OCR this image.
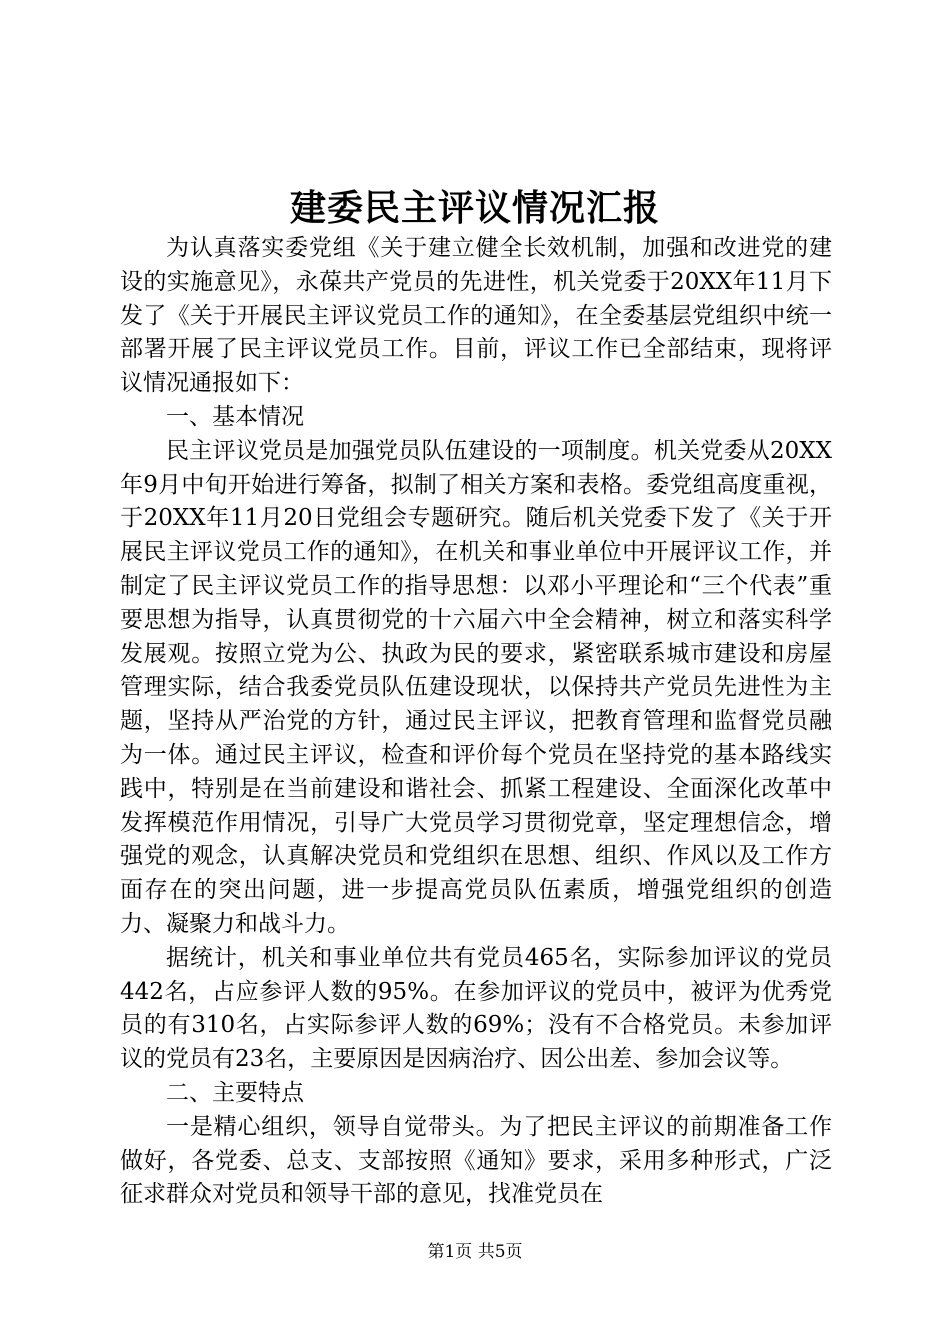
建委民主评议情况汇报

为认真落实委党组《关于建立健全长效机制，加强和改进党的建设的实施意见》，永葆共产党员的先进性，机关党委于20XX年11月下发了《关于开展民主评议党员工作的通知》，在全委基层党组织中统一部署开展了民主评议党员工作。目前，评议工作已全部结束，现将评议情况通报如下：

一、基本情况

民主评议党员是加强党员队伍建设的一项制度。机关党委从20XX年9月中旬开始进行筹备，拟制了相关方案和表格。委党组高度重视，于20XX年11月20日党组会专题研究。随后机关党委下发了《关于开展民主评议党员工作的通知》，在机关和事业单位中开展评议工作，并制定了民主评议党员工作的指导思想：以邓小平理论和“三个代表”重要思想为指导，认真贯彻党的十六届六中全会精神，树立和落实科学发展观。按照立党为公、执政为民的要求，紧密联系城市建设和房屋管理实际，结合我委党员队伍建设现状，以保持共产党员先进性为主题，坚持从严治党的方针，通过民主评议，把教育管理和监督党员融为一体。通过民主评议，检查和评价每个党员在坚持党的基本路线实践中，特别是在当前建设和谐社会、抓紧工程建设、全面深化改革中发挥模范作用情况，引导广大党员学习贯彻党章，坚定理想信念，增强党的观念，认真解决党员和党组织在思想、组织、作风以及工作方面存在的突出问题，进一步提高党员队伍素质，增强党组织的创造力、凝聚力和战斗力。

据统计，机关和事业单位共有党员465名，实际参加评议的党员442名，占应参评人数的95%。在参加评议的党员中，被评为优秀党员的有310名，占实际参评人数的69%；没有不合格党员。未参加评议的党员有23名，主要原因是因病治疗、因公出差、参加会议等。

二、主要特点

一是精心组织，领导自觉带头。为了把民主评议的前期准备工作做好，各党委、总支、支部按照《通知》要求，采用多种形式，广泛征求群众对党员和领导干部的意见，找准党员在

第1页 共5页
